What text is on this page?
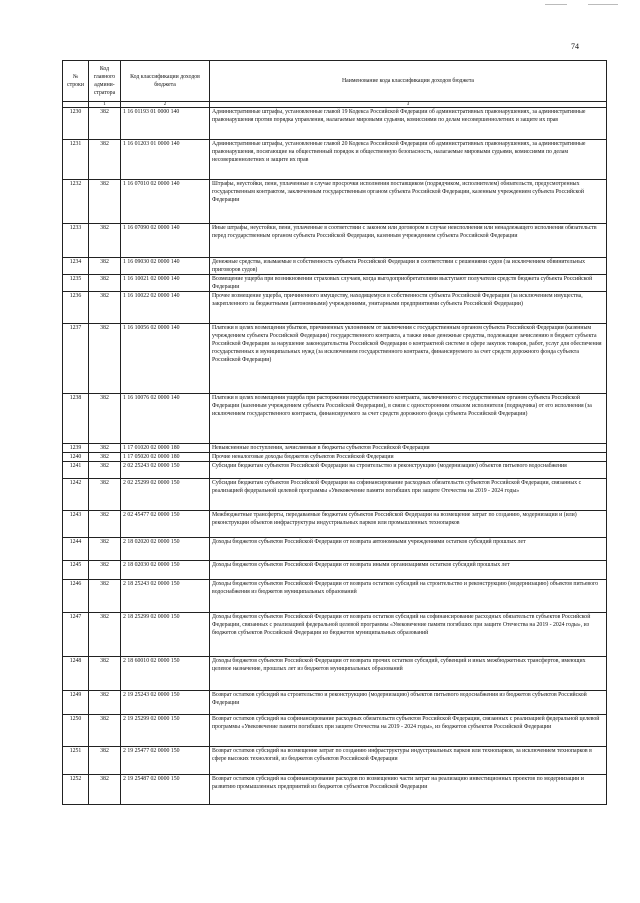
74
№ строки	Код главного админи-стратора	Код классификации доходов бюджета	Наименование кода классификации доходов бюджета
	1	2	3
1230	382	1 16 01193 01 0000 140	Административные штрафы, установленные главой 19 Кодекса Российской Федерации об административных правонарушениях, за административные правонарушения против порядка управления, налагаемые мировыми судьями, комиссиями по делам несовершеннолетних и защите их прав
1231	382	1 16 01203 01 0000 140	Административные штрафы, установленные главой 20 Кодекса Российской Федерации об административных правонарушениях, за административные правонарушения, посягающие на общественный порядок и общественную безопасность, налагаемые мировыми судьями, комиссиями по делам несовершеннолетних и защите их прав
1232	382	1 16 07010 02 0000 140	Штрафы, неустойки, пени, уплаченные в случае просрочки исполнения поставщиком (подрядчиком, исполнителем) обязательств, предусмотренных государственным контрактом, заключенным государственным органом субъекта Российской Федерации, казенным учреждением субъекта Российской Федерации
1233	382	1 16 07090 02 0000 140	Иные штрафы, неустойки, пени, уплаченные в соответствии с законом или договором в случае неисполнения или ненадлежащего исполнения обязательств перед государственным органом субъекта Российской Федерации, казенным учреждением субъекта Российской Федерации
1234	382	1 16 09030 02 0000 140	Денежные средства, изымаемые в собственность субъекта Российской Федерации в соответствии с решениями судов (за исключением обвинительных приговоров судов)
1235	382	1 16 10021 02 0000 140	Возмещение ущерба при возникновении страховых случаев, когда выгодоприобретателями выступают получатели средств бюджета субъекта Российской Федерации
1236	382	1 16 10022 02 0000 140	Прочее возмещение ущерба, причиненного имуществу, находящемуся в собственности субъекта Российской Федерации (за исключением имущества, закрепленного за бюджетными (автономными) учреждениями, унитарными предприятиями субъекта Российской Федерации)
1237	382	1 16 10056 02 0000 140	Платежи в целях возмещения убытков, причиненных уклонением от заключения с государственным органом субъекта Российской Федерации (казенным учреждением субъекта Российской Федерации) государственного контракта, а также иные денежные средства, подлежащие зачислению в бюджет субъекта Российской Федерации за нарушение законодательства Российской Федерации о контрактной системе в сфере закупок товаров, работ, услуг для обеспечения государственных и муниципальных нужд (за исключением государственного контракта, финансируемого за счет средств дорожного фонда субъекта Российской Федерации)
1238	382	1 16 10076 02 0000 140	Платежи в целях возмещения ущерба при расторжении государственного контракта, заключенного с государственным органом субъекта Российской Федерации (казенным учреждением субъекта Российской Федерации), в связи с односторонним отказом исполнителя (подрядчика) от его исполнения (за исключением государственного контракта, финансируемого за счет средств дорожного фонда субъекта Российской Федерации)
1239	382	1 17 01020 02 0000 180	Невыясненные поступления, зачисляемые в бюджеты субъектов Российской Федерации
1240	382	1 17 05020 02 0000 180	Прочие неналоговые доходы бюджетов субъектов Российской Федерации
1241	382	2 02 25243 02 0000 150	Субсидии бюджетам субъектов Российской Федерации на строительство и реконструкцию (модернизацию) объектов питьевого водоснабжения
1242	382	2 02 25299 02 0000 150	Субсидии бюджетам субъектов Российской Федерации на софинансирование расходных обязательств субъектов Российской Федерации, связанных с реализацией федеральной целевой программы «Увековечение памяти погибших при защите Отечества на 2019 - 2024 годы»
1243	382	2 02 45477 02 0000 150	Межбюджетные трансферты, передаваемые бюджетам субъектов Российской Федерации на возмещение затрат по созданию, модернизации и (или) реконструкции объектов инфраструктуры индустриальных парков или промышленных технопарков
1244	382	2 18 02020 02 0000 150	Доходы бюджетов субъектов Российской Федерации от возврата автономными учреждениями остатков субсидий прошлых лет
1245	382	2 18 02030 02 0000 150	Доходы бюджетов субъектов Российской Федерации от возврата иными организациями остатков субсидий прошлых лет
1246	382	2 18 25243 02 0000 150	Доходы бюджетов субъектов Российской Федерации от возврата остатков субсидий на строительство и реконструкцию (модернизацию) объектов питьевого водоснабжения из бюджетов муниципальных образований
1247	382	2 18 25299 02 0000 150	Доходы бюджетов субъектов Российской Федерации от возврата остатков субсидий на софинансирование расходных обязательств субъектов Российской Федерации, связанных с реализацией федеральной целевой программы «Увековечение памяти погибших при защите Отечества на 2019 - 2024 годы», из бюджетов субъектов Российской Федерации из бюджетов муниципальных образований
1248	382	2 18 60010 02 0000 150	Доходы бюджетов субъектов Российской Федерации от возврата прочих остатков субсидий, субвенций и иных межбюджетных трансфертов, имеющих целевое назначение, прошлых лет из бюджетов муниципальных образований
1249	382	2 19 25243 02 0000 150	Возврат остатков субсидий на строительство и реконструкцию (модернизацию) объектов питьевого водоснабжения из бюджетов субъектов Российской Федерации
1250	382	2 19 25299 02 0000 150	Возврат остатков субсидий на софинансирование расходных обязательств субъектов Российской Федерации, связанных с реализацией федеральной целевой программы «Увековечение памяти погибших при защите Отечества на 2019 - 2024 годы», из бюджетов субъектов Российской Федерации
1251	382	2 19 25477 02 0000 150	Возврат остатков субсидий на возмещение затрат по созданию инфраструктуры индустриальных парков или технопарков, за исключением технопарков в сфере высоких технологий, из бюджетов субъектов Российской Федерации
1252	382	2 19 25487 02 0000 150	Возврат остатков субсидий на софинансирование расходов по возмещению части затрат на реализацию инвестиционных проектов по модернизации и развитию промышленных предприятий из бюджетов субъектов Российской Федерации
